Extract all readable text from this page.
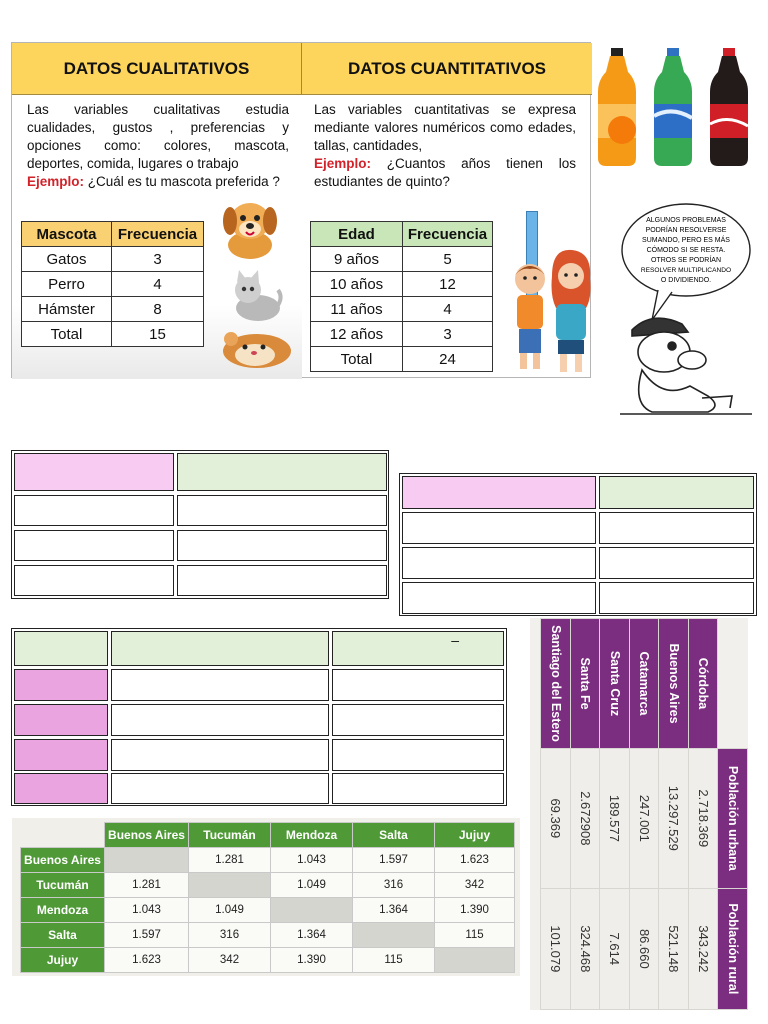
DATOS CUALITATIVOS	DATOS CUANTITATIVOS

Las variables cualitativas estudia cualidades, gustos , preferencias y opciones como: colores, mascota, deportes, comida, lugares o trabajo
Ejemplo: ¿Cuál es tu mascota preferida ?

Las variables cuantitativas se expresa mediante valores numéricos como edades, tallas, cantidades,
Ejemplo: ¿Cuantos años tienen los estudiantes de quinto?

Mascota	Frecuencia
Gatos	3
Perro	4
Hámster	8
Total	15
Edad	Frecuencia
9 años	5
10 años	12
11 años	4
12 años	3
Total	24
ALGUNOS PROBLEMAS
PODRÍAN RESOLVERSE
SUMANDO, PERO ES MÁS
CÓMODO SI SE RESTA.
OTROS SE PODRÍAN
RESOLVER MULTIPLICANDO
O DIVIDIENDO.
–
	Buenos Aires	Tucumán	Mendoza	Salta	Jujuy
Buenos Aires		1.281	1.043	1.597	1.623
Tucumán	1.281		1.049	316	342
Mendoza	1.043	1.049		1.364	1.390
Salta	1.597	316	1.364		115
Jujuy	1.623	342	1.390	115	
	Población urbana	Población rural
Córdoba	2.718.369	343.242
Buenos Aires	13.297.529	521.148
Catamarca	247.001	86.660
Santa Cruz	189.577	7.614
Santa Fe	2.672908	324.468
Santiago del Estero	69.369	101.079
